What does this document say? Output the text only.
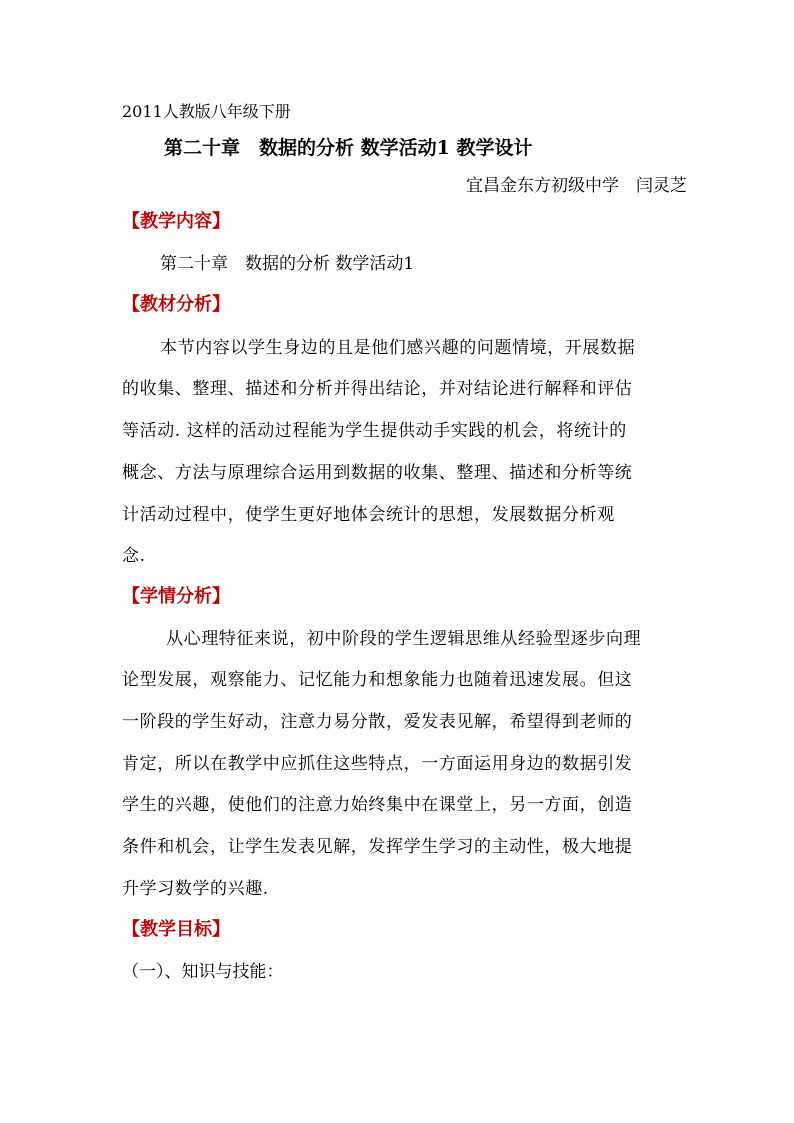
2011人教版八年级下册
第二十章　数据的分析 数学活动1 教学设计
宜昌金东方初级中学　闫灵芝
【教学内容】
第二十章　数据的分析 数学活动1
【教材分析】
本节内容以学生身边的且是他们感兴趣的问题情境，开展数据
的收集、整理、描述和分析并得出结论，并对结论进行解释和评估
等活动. 这样的活动过程能为学生提供动手实践的机会，将统计的
概念、方法与原理综合运用到数据的收集、整理、描述和分析等统
计活动过程中，使学生更好地体会统计的思想，发展数据分析观
念.
【学情分析】
从心理特征来说，初中阶段的学生逻辑思维从经验型逐步向理
论型发展，观察能力、记忆能力和想象能力也随着迅速发展。但这
一阶段的学生好动，注意力易分散，爱发表见解，希望得到老师的
肯定，所以在教学中应抓住这些特点，一方面运用身边的数据引发
学生的兴趣，使他们的注意力始终集中在课堂上，另一方面，创造
条件和机会，让学生发表见解，发挥学生学习的主动性，极大地提
升学习数学的兴趣.
【教学目标】
（一）、知识与技能：
